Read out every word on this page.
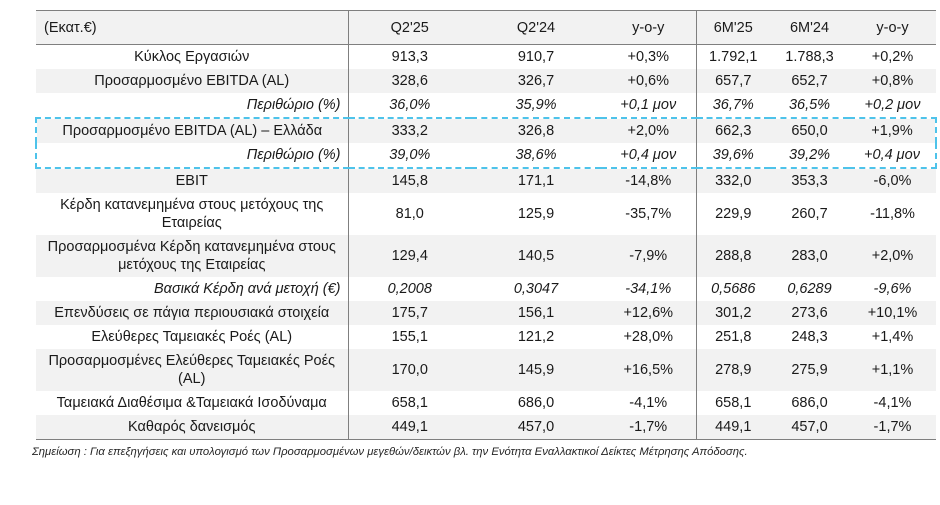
(Εκατ.€)	Q2'25	Q2'24	y-o-y	6M'25	6M'24	y-o-y
Κύκλος Εργασιών	913,3	910,7	+0,3%	1.792,1	1.788,3	+0,2%
Προσαρμοσμένο EBITDA (AL)	328,6	326,7	+0,6%	657,7	652,7	+0,8%
Περιθώριο (%)	36,0%	35,9%	+0,1 μον	36,7%	36,5%	+0,2 μον
Προσαρμοσμένο EBITDA (AL) – Ελλάδα	333,2	326,8	+2,0%	662,3	650,0	+1,9%
Περιθώριο (%)	39,0%	38,6%	+0,4 μον	39,6%	39,2%	+0,4 μον
EBIT	145,8	171,1	-14,8%	332,0	353,3	-6,0%
Κέρδη κατανεμημένα στους μετόχους της Εταιρείας	81,0	125,9	-35,7%	229,9	260,7	-11,8%
Προσαρμοσμένα Κέρδη κατανεμημένα στους μετόχους της Εταιρείας	129,4	140,5	-7,9%	288,8	283,0	+2,0%
Βασικά Κέρδη ανά μετοχή (€)	0,2008	0,3047	-34,1%	0,5686	0,6289	-9,6%
Επενδύσεις σε πάγια περιουσιακά στοιχεία	175,7	156,1	+12,6%	301,2	273,6	+10,1%
Ελεύθερες Ταμειακές Ροές (AL)	155,1	121,2	+28,0%	251,8	248,3	+1,4%
Προσαρμοσμένες Ελεύθερες Ταμειακές Ροές (AL)	170,0	145,9	+16,5%	278,9	275,9	+1,1%
Ταμειακά Διαθέσιμα &Ταμειακά Ισοδύναμα	658,1	686,0	-4,1%	658,1	686,0	-4,1%
Καθαρός δανεισμός	449,1	457,0	-1,7%	449,1	457,0	-1,7%
Σημείωση : Για επεξηγήσεις και υπολογισμό των Προσαρμοσμένων μεγεθών/δεικτών βλ. την Ενότητα Εναλλακτικοί Δείκτες Μέτρησης Απόδοσης.
